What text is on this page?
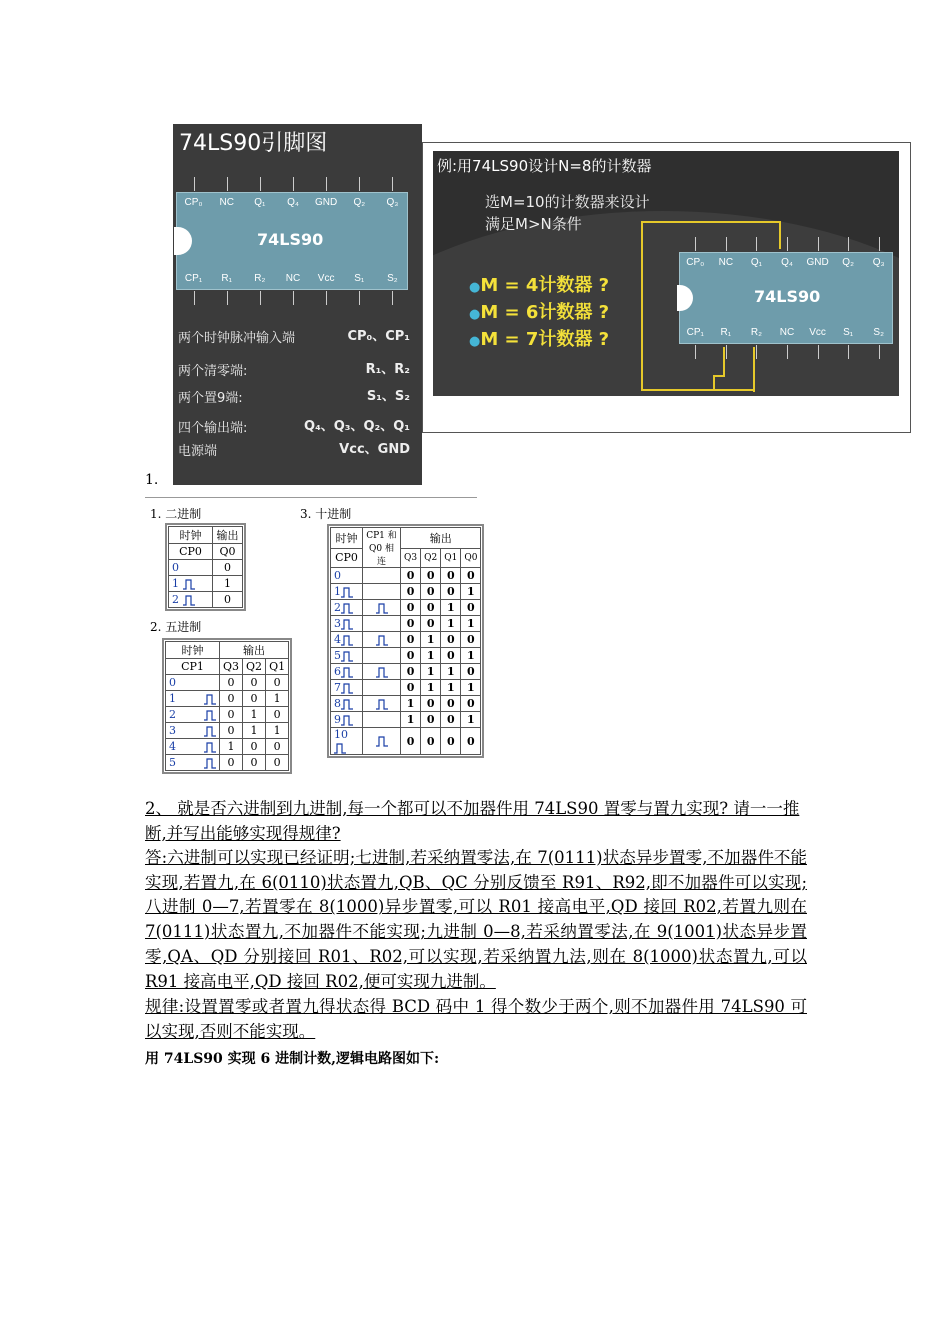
74LS90引脚图
74LS90
CP₀	NC	Q₁	Q₄	GND	Q₂	Q₃
CP₁	R₁	R₂	NC	Vcc	S₁	S₂
两个时钟脉冲输入端	CP₀、CP₁
两个清零端:	R₁、R₂
两个置9端:	S₁、S₂
四个输出端:	Q₄、Q₃、Q₂、Q₁
电源端	Vcc、GND
例:用74LS90设计N=8的计数器
选M=10的计数器来设计
满足M>N条件
●M = 4计数器 ?
●M = 6计数器 ?
●M = 7计数器 ?
74LS90
CP₀	NC	Q₁	Q₄	GND	Q₂	Q₃
CP₁	R₁	R₂	NC	Vcc	S₁	S₂
1.
1. 二进制
时钟	输出
CP0	Q0
0	0
1	1
2	0
2. 五进制
时钟	输出		
CP1	Q3	Q2	Q1
0	0	0	0
1	0	0	1
2	0	1	0
3	0	1	1
4	1	0	0
5	0	0	0
3. 十进制
时钟	CP1 和 Q0 相连	输出			
CP0		Q3	Q2	Q1	Q0
0		0	0	0	0
1		0	0	0	1
2		0	0	1	0
3		0	0	1	1
4		0	1	0	0
5		0	1	0	1
6		0	1	1	0
7		0	1	1	1
8		1	0	0	0
9		1	0	0	1
10		0	0	0	0
2、 就是否六进制到九进制,每一个都可以不加器件用 74LS90 置零与置九实现? 请一一推断,并写出能够实现得规律?
答:六进制可以实现已经证明;七进制,若采纳置零法,在 7(0111)状态异步置零,不加器件不能实现,若置九,在 6(0110)状态置九,QB、QC 分别反馈至 R91、R92,即不加器件可以实现;八进制 0—7,若置零在 8(1000)异步置零,可以 R01 接高电平,QD 接回 R02,若置九则在 7(0111)状态置九,不加器件不能实现;九进制 0—8,若采纳置零法,在 9(1001)状态异步置零,QA、QD 分别接回 R01、R02,可以实现,若采纳置九法,则在 8(1000)状态置九,可以 R91 接高电平,QD 接回 R02,便可实现九进制。
规律:设置置零或者置九得状态得 BCD 码中 1 得个数少于两个,则不加器件用 74LS90 可以实现,否则不能实现。
用 74LS90 实现 6 进制计数,逻辑电路图如下:
